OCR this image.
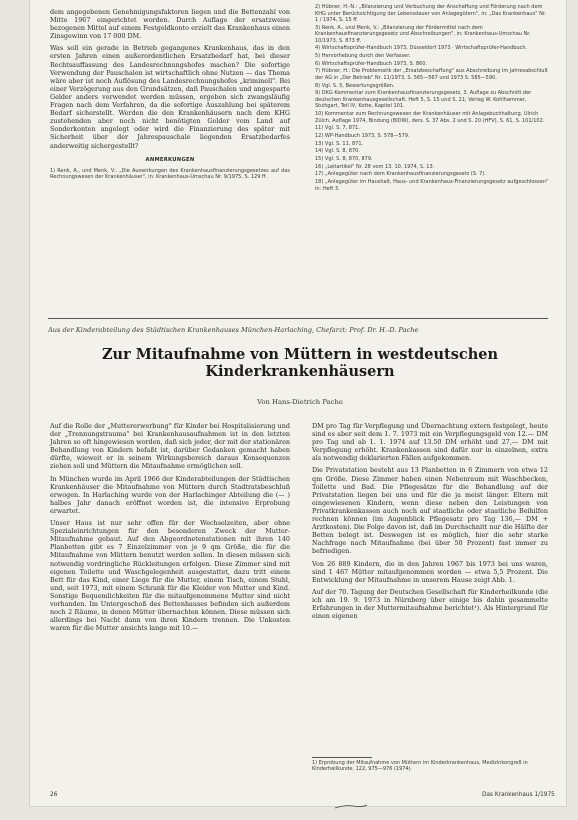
dem angegebenen Genehmigungsfaktoren liegen und die Bettenzahl von Mitte 1967 eingerichtet worden. Durch Auflage der ersatzweise bezogenen Mittel auf einem Festgeldkonto erzielt das Krankenhaus einen Zinsgewinn von 17 000 DM.

Was soll ein gerade in Betrieb gegangenes Krankenhaus, das in den ersten Jahren einen außerordentlichen Ersatzbedarf hat, bei dieser Rechtsauffassung des Landesrechnungshofes machen? Die sofortige Verwendung der Pauschalen ist wirtschaftlich ohne Nutzen — das Thema wäre aber ist noch Auflösung des Landesrechnungshofes „kriminell". Bei einer Verzögerung aus den Grundsätzen, daß Pauschalen und angesparte Gelder anders verwendet werden müssen, ergeben sich zwangsläufig Fragen nach dem Verfahren, da die sofortige Auszahlung bei späterem Bedarf sicherstellt. Werden die den Krankenhäusern nach dem KHG zustehenden aber noch nicht benötigten Gelder vom Land auf Sonderkonten angelegt oder wird die Finanzierung des später mit Sicherheit über der Jahrespauschale liegenden Ersatzbedarfes anderweitig sichergestellt?

ANMERKUNGEN
1) Renk, A., und Menk, V.: „Die Auswirkungen des Krankenhausfinanzierungsgesetzes auf das Rechnungswesen der Krankenhäuser", in: Krankenhaus-Umschau Nr. 9/1975, S. 129 ff.
2) Hübner, H.-N.: „Bilanzierung und Verbuchung der Anschaffung und Förderung nach dem KHG unter Berücksichtigung der Lebensdauer von Anlagegütern", in: „Das Krankenhaus" Nr. 1 / 1974, S. 15 ff.
3) Renk, A., und Menk, V.: „Bilanzierung der Fördermittel nach dem Krankenhausfinanzierungsgesetz und Abschreibungen", in: Krankenhaus-Umschau Nr. 10/1973, S. 873 ff.
4) Wirtschaftsprüfer-Handbuch 1973, Düsseldorf 1973 · Wirtschaftsprüfer-Handbuch.
5) Hervorhebung durch den Verfasser.
6) Wirtschaftsprüfer-Handbuch 1973, S. 860.
7) Hübner, H.: Die Problematik der „Ersatzbeschaffung" aus Abschreibung im Jahresabschluß der AG in „Der Betrieb" Nr. 11/1973, S. 565—567 und 1973 S. 585—590.
8) Vgl. S. 5, Bewertungsgrößen.
9) DKG Kommentar zum Krankenhausfinanzierungsgesetz, 3. Auflage zu Abschnitt der deutschen Krankenhausgesellschaft, Heft 5, S. 15 und S. 21; Verlag W. Kohlhammer, Stuttgart, Teil IV, Kotte, Kapitel 101.
10) Kommentar zum Rechnungswesen der Krankenhäuser mit Anlagebuchhaltung, Ulrich Zülch, Auflage 1974, Bindung (BIDW), ders. S. 37 Abs. 2 und S. 20 (HFV), S. 61, S. 101/102.
11) Vgl. S. 7, 871.
12) WP-Handbuch 1973, S. 578—579.
13) Vgl. S. 11, 871.
14) Vgl. S. 8, 870.
15) Vgl. S. 8, 870, 879.
16) „Leitartikel" Nr. 28 vom 13. 10. 1974, S. 13.
17) „Anlagegüter nach dem Krankenhausfinanzierungsgesetz (S. 7).
18) „Anlagegüter im Haushalt, Haus- und Krankenhaus-Finanzierungsgesetz aufgeschlossen" in: Heft 3.
Aus der Kinderabteilung des Städtischen Krankenhauses München-Harlaching, Chefarzt: Prof. Dr. H.-D. Pache
Zur Mitaufnahme von Müttern in westdeutschen
Kinderkrankenhäusern
Von Hans-Dietrich Pache

Auf die Rolle der „Muttererwerbung" für Kinder bei Hospitalisierung und der „Trennungstrauma" bei Krankenhausaufnahmen ist in den letzten Jahren so oft hingewiesen worden, daß sich jeder, der mit der stationären Behandlung von Kindern befaßt ist, darüber Gedanken gemacht haben dürfte, wieweit er in seinem Wirkungsbereich daraus Konsequenzen ziehen soll und Müttern die Mitaufnahme ermöglichen soll.

In München wurde im April 1966 der Kinderabteilungen der Städtischen Krankenhäuser die Mitaufnahme von Müttern durch Stadtratsbeschluß erwogen. In Harlaching wurde von der Harlachinger Abteilung die (— ) halbes Jahr danach eröffnet worden ist, die intensive Erprobung erwartet.

Unser Haus ist nur sehr offen für der Wechselzeiten, aber ohne Spezialeinrichtungen für den besonderen Zweck der Mutter-Mitaufnahme gebaut. Auf den Abgeordnetenstationen mit ihren 140 Planbetten gibt es 7 Einzelzimmer von je 9 qm Größe, die für die Mitaufnahme von Müttern benutzt werden sollen. In diesen müssen sich notwendig vordringliche Rückleitungen erfolgen. Diese Zimmer sind mit eigenen Toilette und Waschgelegenheit ausgestattet, dazu tritt einem Bett für das Kind, einer Liege für die Mutter, einem Tisch, einem Stuhl, und, seit 1973, mit einem Schrank für die Kleider von Mutter und Kind. Sonstige Bequemlichkeiten für die mitaufgenommene Mutter sind nicht vorhanden. Im Untergeschoß des Bettenhauses befinden sich außerdem noch 2 Räume, in denen Mütter übernachten können. Diese müssen sich allerdings bei Nacht dann von ihren Kindern trennen. Die Unkosten waren für die Mutter ansichts lange mit 10.—

DM pro Tag für Verpflegung und Übernachtung extern festgelegt, heute sind es aber seit dem 1. 7. 1973 mit ein Verpflegungsgeld von 12.— DM pro Tag und ab 1. 1. 1974 auf 13.50 DM erhöht und 27,— DM mit Verpflegung erhöht. Krankenkassen sind dafür nur in einzelnen, extra als notwendig deklarierten Fällen aufgekommen.

Die Privatstation besteht aus 13 Planbetten in 6 Zimmern von etwa 12 qm Größe. Diese Zimmer haben einen Nebenraum mit Waschbecken, Toilette und Bad. Die Pflegesätze für die Behandlung auf der Privatstation liegen bei uns und für die ja meist länger. Eltern mit eingewiesenen Kindern, wenn diese neben den Leistungen von Privatkrankenkassen auch noch auf staatliche oder staatliche Beihilfen rechnen können (im Augenblick Pflegesatz pro Tag 136,— DM + Arztkosten). Die Folge davon ist, daß im Durchschnitt nur die Hälfte der Betten belegt ist. Deswegen ist es möglich, hier die sehr starke Nachfrage nach Mitaufnahme (bei über 50 Prozent) fast immer zu befriedigen.

Von 26 889 Kindern, die in den Jahren 1967 bis 1973 bei uns waren, sind 1 467 Mütter mitaufgenommen worden — etwa 5,5 Prozent. Die Entwicklung der Mitaufnahme in unserem Hause zeigt Abb. 1.

Auf der 70. Tagung der Deutschen Gesellschaft für Kinderheilkunde (die ich am 19. 9. 1973 in Nürnberg über einige bis dahin gesammelte Erfahrungen in der Muttermitaufnahme berichtet¹). Als Hintergrund für einen eigenen

1) Erprobung der Mitaufnahme von Müttern im Kinderkrankenhaus, Medizinkongreß in Kinderheilkunde, 122, 975—976 (1974).
26	Das Krankenhaus 1/1975
